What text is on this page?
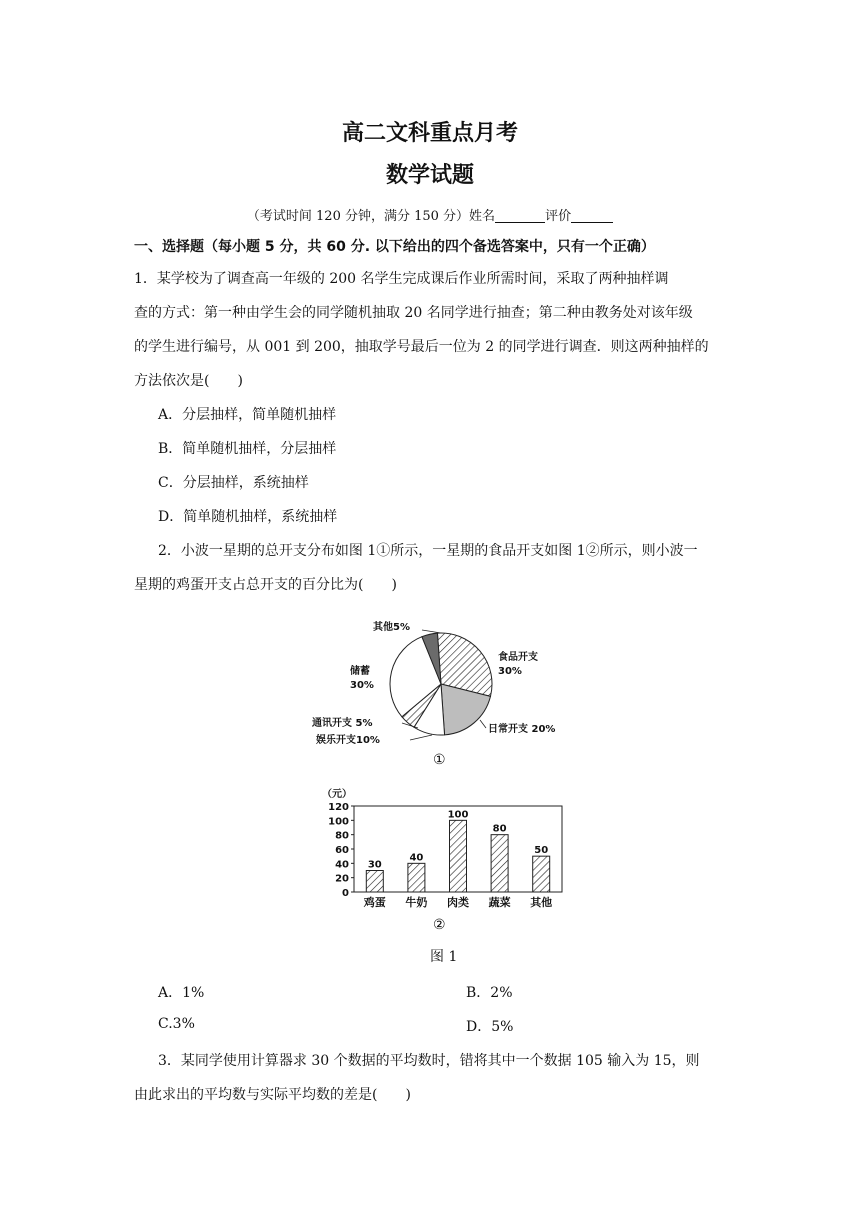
高二文科重点月考
数学试题
（考试时间 120 分钟，满分 150 分）姓名	评价
一、选择题（每小题 5 分，共 60 分. 以下给出的四个备选答案中，只有一个正确）
1．某学校为了调查高一年级的 200 名学生完成课后作业所需时间，采取了两种抽样调
查的方式：第一种由学生会的同学随机抽取 20 名同学进行抽查；第二种由教务处对该年级
的学生进行编号，从 001 到 200，抽取学号最后一位为 2 的同学进行调查．则这两种抽样的
方法依次是(　　)
A．分层抽样，简单随机抽样
B．简单随机抽样，分层抽样
C．分层抽样，系统抽样
D．简单随机抽样，系统抽样
2．小波一星期的总开支分布如图 1①所示，一星期的食品开支如图 1②所示，则小波一
星期的鸡蛋开支占总开支的百分比为(　　)
食品开支 30%
日常开支 20%
娱乐开支10%
通讯开支 5%
储蓄 30%
其他5%
①
（元）
0
20
40
60
80
100
120
30
鸡蛋
40
牛奶
100
肉类
80
蔬菜
50
其他
②
图 1
A．1%	B．2%
C.3%	D．5%
3．某同学使用计算器求 30 个数据的平均数时，错将其中一个数据 105 输入为 15，则
由此求出的平均数与实际平均数的差是(　　)
